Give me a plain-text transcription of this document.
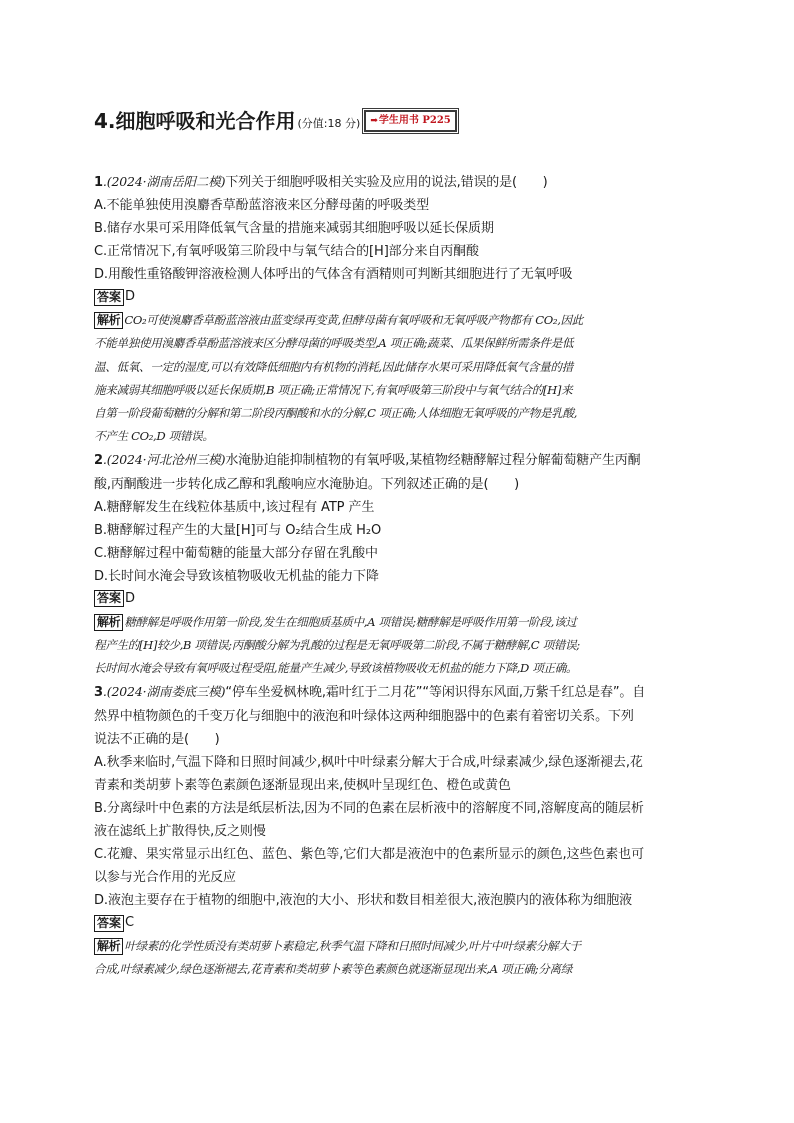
4.细胞呼吸和光合作用 (分值:18 分) ➡ 学生用书 P225
1.(2024·湖南岳阳二模)下列关于细胞呼吸相关实验及应用的说法,错误的是(　　)
A.不能单独使用溴麝香草酚蓝溶液来区分酵母菌的呼吸类型
B.储存水果可采用降低氧气含量的措施来减弱其细胞呼吸以延长保质期
C.正常情况下,有氧呼吸第三阶段中与氧气结合的[H]部分来自丙酮酸
D.用酸性重铬酸钾溶液检测人体呼出的气体含有酒精则可判断其细胞进行了无氧呼吸
答案 D
解析 CO₂可使溴麝香草酚蓝溶液由蓝变绿再变黄,但酵母菌有氧呼吸和无氧呼吸产物都有 CO₂,因此
不能单独使用溴麝香草酚蓝溶液来区分酵母菌的呼吸类型,A 项正确;蔬菜、瓜果保鲜所需条件是低
温、低氧、一定的湿度,可以有效降低细胞内有机物的消耗,因此储存水果可采用降低氧气含量的措
施来减弱其细胞呼吸以延长保质期,B 项正确;正常情况下,有氧呼吸第三阶段中与氧气结合的[H]来
自第一阶段葡萄糖的分解和第二阶段丙酮酸和水的分解,C 项正确;人体细胞无氧呼吸的产物是乳酸,
不产生 CO₂,D 项错误。
2.(2024·河北沧州三模)水淹胁迫能抑制植物的有氧呼吸,某植物经糖酵解过程分解葡萄糖产生丙酮
酸,丙酮酸进一步转化成乙醇和乳酸响应水淹胁迫。下列叙述正确的是(　　)
A.糖酵解发生在线粒体基质中,该过程有 ATP 产生
B.糖酵解过程产生的大量[H]可与 O₂结合生成 H₂O
C.糖酵解过程中葡萄糖的能量大部分存留在乳酸中
D.长时间水淹会导致该植物吸收无机盐的能力下降
答案 D
解析 糖酵解是呼吸作用第一阶段,发生在细胞质基质中,A 项错误;糖酵解是呼吸作用第一阶段,该过
程产生的[H]较少,B 项错误;丙酮酸分解为乳酸的过程是无氧呼吸第二阶段,不属于糖酵解,C 项错误;
长时间水淹会导致有氧呼吸过程受阻,能量产生减少,导致该植物吸收无机盐的能力下降,D 项正确。
3.(2024·湖南娄底三模)“停车坐爱枫林晚,霜叶红于二月花”“等闲识得东风面,万紫千红总是春”。自
然界中植物颜色的千变万化与细胞中的液泡和叶绿体这两种细胞器中的色素有着密切关系。下列
说法不正确的是(　　)
A.秋季来临时,气温下降和日照时间减少,枫叶中叶绿素分解大于合成,叶绿素减少,绿色逐渐褪去,花
青素和类胡萝卜素等色素颜色逐渐显现出来,使枫叶呈现红色、橙色或黄色
B.分离绿叶中色素的方法是纸层析法,因为不同的色素在层析液中的溶解度不同,溶解度高的随层析
液在滤纸上扩散得快,反之则慢
C.花瓣、果实常显示出红色、蓝色、紫色等,它们大都是液泡中的色素所显示的颜色,这些色素也可
以参与光合作用的光反应
D.液泡主要存在于植物的细胞中,液泡的大小、形状和数目相差很大,液泡膜内的液体称为细胞液
答案 C
解析 叶绿素的化学性质没有类胡萝卜素稳定,秋季气温下降和日照时间减少,叶片中叶绿素分解大于
合成,叶绿素减少,绿色逐渐褪去,花青素和类胡萝卜素等色素颜色就逐渐显现出来,A 项正确;分离绿
